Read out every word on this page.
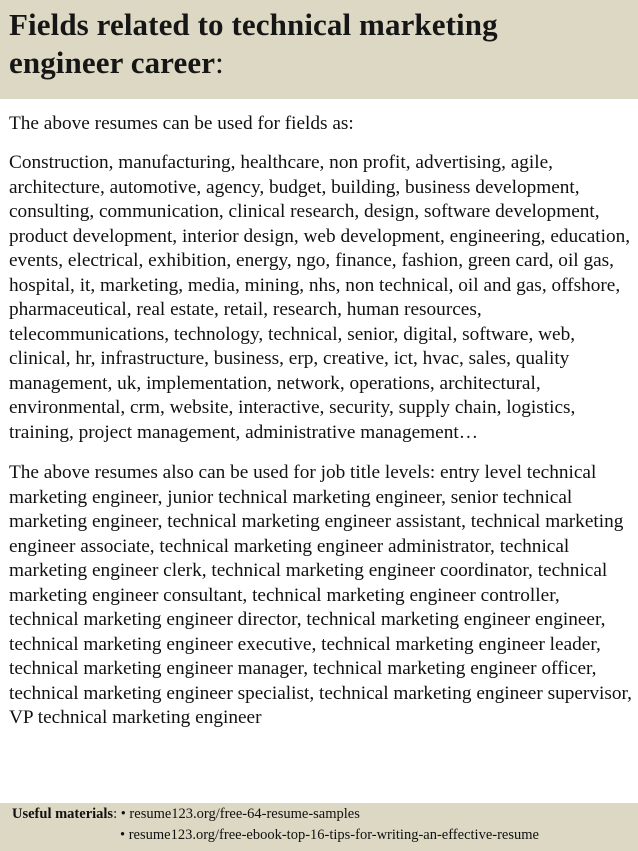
Fields related to technical marketing
engineer career:

The above resumes can be used for fields as:

Construction, manufacturing, healthcare, non profit, advertising, agile, architecture, automotive, agency, budget, building, business development, consulting, communication, clinical research, design, software development, product development, interior design, web development, engineering, education, events, electrical, exhibition, energy, ngo, finance, fashion, green card, oil gas, hospital, it, marketing, media, mining, nhs, non technical, oil and gas, offshore, pharmaceutical, real estate, retail, research, human resources, telecommunications, technology, technical, senior, digital, software, web, clinical, hr, infrastructure, business, erp, creative, ict, hvac, sales, quality management, uk, implementation, network, operations, architectural, environmental, crm, website, interactive, security, supply chain, logistics, training, project management, administrative management…

The above resumes also can be used for job title levels: entry level technical marketing engineer, junior technical marketing engineer, senior technical marketing engineer, technical marketing engineer assistant, technical marketing engineer associate, technical marketing engineer administrator, technical marketing engineer clerk, technical marketing engineer coordinator, technical marketing engineer consultant, technical marketing engineer controller, technical marketing engineer director, technical marketing engineer engineer, technical marketing engineer executive, technical marketing engineer leader, technical marketing engineer manager, technical marketing engineer officer, technical marketing engineer specialist, technical marketing engineer supervisor, VP technical marketing engineer

Useful materials: • resume123.org/free-64-resume-samples
• resume123.org/free-ebook-top-16-tips-for-writing-an-effective-resume
